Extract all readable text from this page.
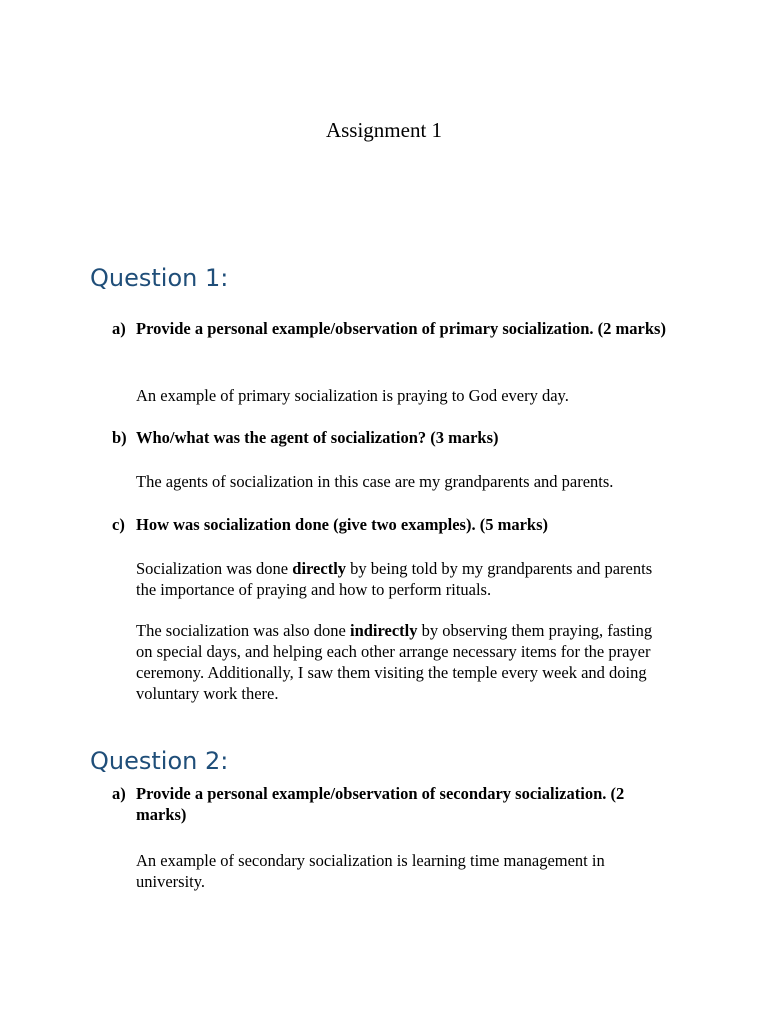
Assignment 1
Question 1:
a) Provide a personal example/observation of primary socialization. (2 marks)
An example of primary socialization is praying to God every day.
b) Who/what was the agent of socialization? (3 marks)
The agents of socialization in this case are my grandparents and parents.
c) How was socialization done (give two examples). (5 marks)
Socialization was done directly by being told by my grandparents and parents the importance of praying and how to perform rituals.
The socialization was also done indirectly by observing them praying, fasting on special days, and helping each other arrange necessary items for the prayer ceremony. Additionally, I saw them visiting the temple every week and doing voluntary work there.
Question 2:
a) Provide a personal example/observation of secondary socialization. (2 marks)
An example of secondary socialization is learning time management in university.
